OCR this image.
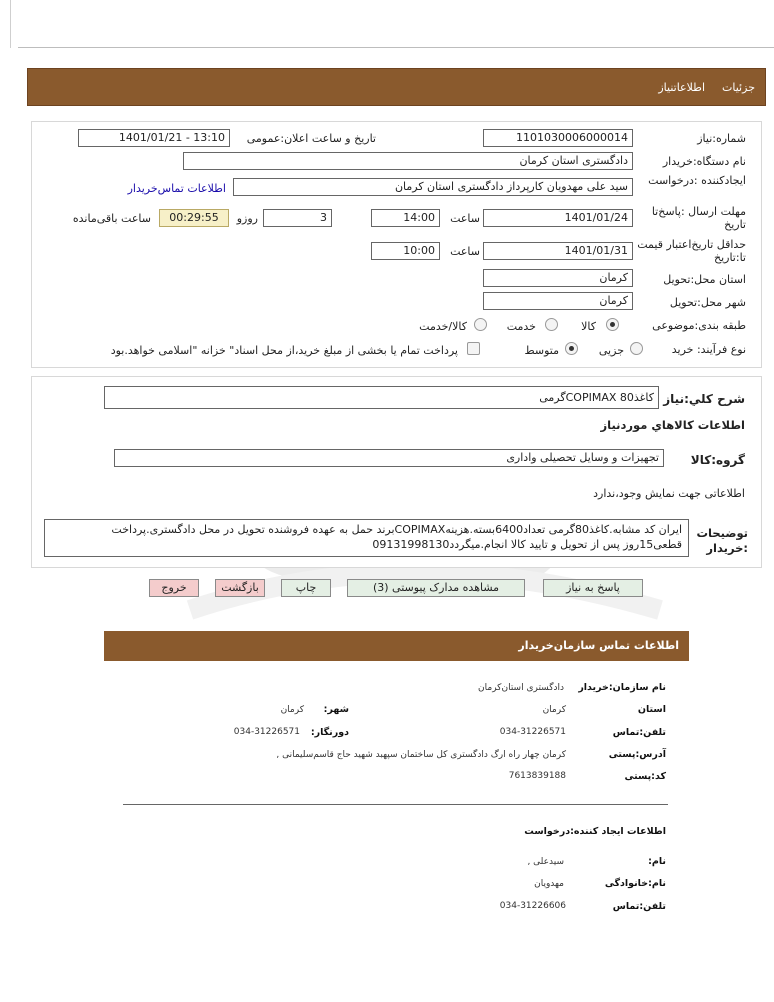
جزئیات
اطلاعاتنیاز
شماره:نیاز
1101030006000014
تاریخ و ساعت اعلان:عمومی
1401/01/21 - 13:10
نام دستگاه:خریدار
دادگستری استان کرمان
ایجادکننده :درخواست
سید علی مهدویان کارپرداز دادگستری استان کرمان
اطلاعات تماس‌خریدار
مهلت ارسال :پاسخ‌تا تاریخ
1401/01/24
ساعت
14:00
3
روزو
00:29:55
ساعت باقی‌مانده
حداقل تاریخ‌اعتبار قیمت تا:تاریخ
1401/01/31
ساعت
10:00
استان محل:تحویل
کرمان
شهر محل:تحویل
کرمان
طبقه بندی:موضوعی
کالا
خدمت
کالا/خدمت
نوع فرآیند: خرید
جزیی
متوسط
پرداخت تمام یا بخشی از مبلغ خرید،از محل اسناد" خزانه "اسلامی خواهد.بود
شرح کلي:نیاز
کاغذCOPIMAX 80گرمی
اطلاعات کالاهاي موردنیاز
گروه:کالا
تجهیزات و وسایل تحصیلی واداری
اطلاعاتی جهت نمایش وجود،ندارد
توضیحات :خریدار
ایران کد مشابه.کاغذ80گرمی تعداد6400بسته.هزینهCOPIMAXبرند حمل به عهده فروشنده تحویل در محل دادگستری.پرداخت قطعی15روز پس از تحویل و تایید کالا انجام.میگردد09131998130
پاسخ به نیاز
مشاهده مدارک پیوستی (3)
چاپ
بازگشت
خروج
اطلاعات تماس سازمان‌خریدار
نام سازمان:خریدار
دادگستری استان‌کرمان
استان
کرمان
شهر:
کرمان
تلفن:تماس
034-31226571
دورنگار:
034-31226571
آدرس:پستی
کرمان چهار راه ارگ دادگستری کل ساختمان سپهبد شهید حاج قاسم‌سلیمانی ,
کد:پستی
7613839188
اطلاعات ایجاد کننده:درخواست
نام:
سیدعلی ,
نام:خانوادگی
مهدویان
تلفن:تماس
034-31226606
